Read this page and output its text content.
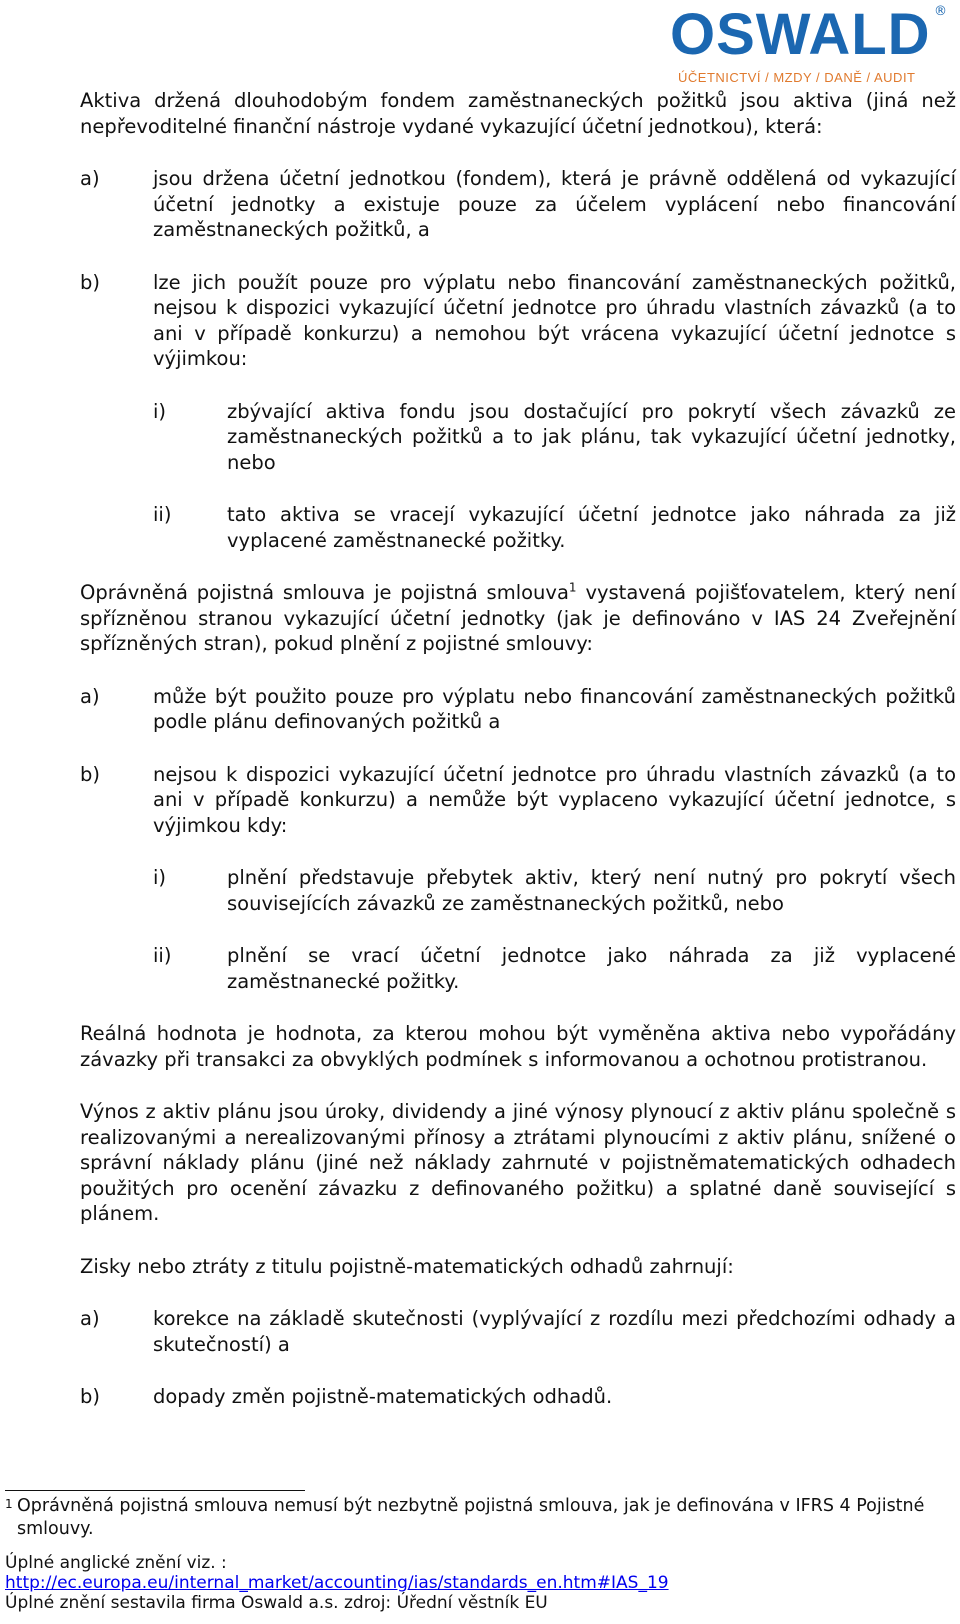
OSWALD ®
ÚČETNICTVÍ / MZDY / DANĚ / AUDIT

Aktiva držená dlouhodobým fondem zaměstnaneckých požitků jsou aktiva (jiná než nepřevoditelné finanční nástroje vydané vykazující účetní jednotkou), která:

a)	jsou držena účetní jednotkou (fondem), která je právně oddělená od vykazující účetní jednotky a existuje pouze za účelem vyplácení nebo financování zaměstnaneckých požitků, a

b)	lze jich použít pouze pro výplatu nebo financování zaměstnaneckých požitků, nejsou k dispozici vykazující účetní jednotce pro úhradu vlastních závazků (a to ani v případě konkurzu) a nemohou být vrácena vykazující účetní jednotce s výjimkou:

i)	zbývající aktiva fondu jsou dostačující pro pokrytí všech závazků ze zaměstnaneckých požitků a to jak plánu, tak vykazující účetní jednotky, nebo

ii)	tato aktiva se vracejí vykazující účetní jednotce jako náhrada za již vyplacené zaměstnanecké požitky.

Oprávněná pojistná smlouva je pojistná smlouva$^1$ vystavená pojišťovatelem, který není spřízněnou stranou vykazující účetní jednotky (jak je definováno v IAS 24 Zveřejnění spřízněných stran), pokud plnění z pojistné smlouvy:

a)	může být použito pouze pro výplatu nebo financování zaměstnaneckých požitků podle plánu definovaných požitků a

b)	nejsou k dispozici vykazující účetní jednotce pro úhradu vlastních závazků (a to ani v případě konkurzu) a nemůže být vyplaceno vykazující účetní jednotce, s výjimkou kdy:

i)	plnění představuje přebytek aktiv, který není nutný pro pokrytí všech souvisejících závazků ze zaměstnaneckých požitků, nebo

ii)	plnění se vrací účetní jednotce jako náhrada za již vyplacené zaměstnanecké požitky.

Reálná hodnota je hodnota, za kterou mohou být vyměněna aktiva nebo vypořádány závazky při transakci za obvyklých podmínek s informovanou a ochotnou protistranou.

Výnos z aktiv plánu jsou úroky, dividendy a jiné výnosy plynoucí z aktiv plánu společně s realizovanými a nerealizovanými přínosy a ztrátami plynoucími z aktiv plánu, snížené o správní náklady plánu (jiné než náklady zahrnuté v pojistněmatematických odhadech použitých pro ocenění závazku z definovaného požitku) a splatné daně související s plánem.

Zisky nebo ztráty z titulu pojistně-matematických odhadů zahrnují:

a)	korekce na základě skutečnosti (vyplývající z rozdílu mezi předchozími odhady a skutečností) a

b)	dopady změn pojistně-matematických odhadů.

1 Oprávněná pojistná smlouva nemusí být nezbytně pojistná smlouva, jak je definována v IFRS 4 Pojistné smlouvy.
Úplné anglické znění viz. :
http://ec.europa.eu/internal_market/accounting/ias/standards_en.htm#IAS_19
Úplné znění sestavila firma Oswald a.s. zdroj: Úřední věstník EU
